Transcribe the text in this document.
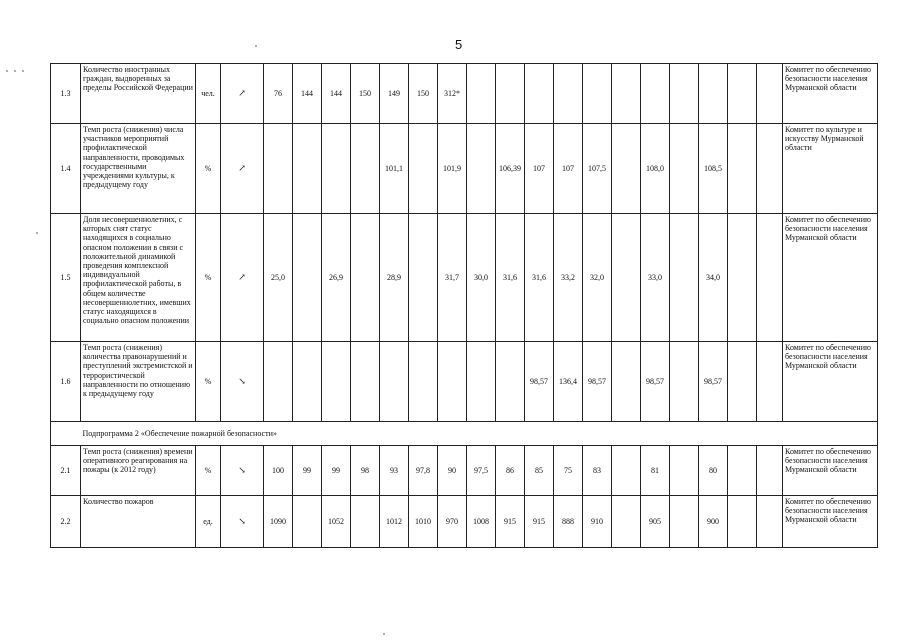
5
1.3	Количество иностранных граждан, выдворенных за пределы Российской Федерации	чел.	↗	76	144	144	150	149	150	312*												Комитет по обеспечению безопасности населения Мурманской области
1.4	Темп роста (снижения) числа участников мероприятий профилактической направленности, проводимых государственными учреждениями культуры, к предыдущему году	%	↗					101,1		101,9		106,39	107	107	107,5		108,0		108,5			Комитет по культуре и искусству Мурманской области
1.5	Доля несовершеннолетних, с которых снят статус находящихся в социально опасном положении в связи с положительной динамикой проведения комплексной индивидуальной профилактической работы, в общем количестве несовершеннолетних, имевших статус находящихся в социально опасном положении	%	↗	25,0		26,9		28,9		31,7	30,0	31,6	31,6	33,2	32,0		33,0		34,0			Комитет по обеспечению безопасности населения Мурманской области
1.6	Темп роста (снижения) количества правонарушений и преступлений экстремистской и террористической направленности по отношению к предыдущему году	%	↘										98,57	136,4	98,57		98,57		98,57			Комитет по обеспечению безопасности населения Мурманской области
	Подпрограмма 2 «Обеспечение пожарной безопасности»																					
2.1	Темп роста (снижения) времени оперативного реагирования на пожары (к 2012 году)	%	↘	100	99	99	98	93	97,8	90	97,5	86	85	75	83		81		80			Комитет по обеспечению безопасности населения Мурманской области
2.2	Количество пожаров	ед.	↘	1090		1052		1012	1010	970	1008	915	915	888	910		905		900			Комитет по обеспечению безопасности населения Мурманской области
